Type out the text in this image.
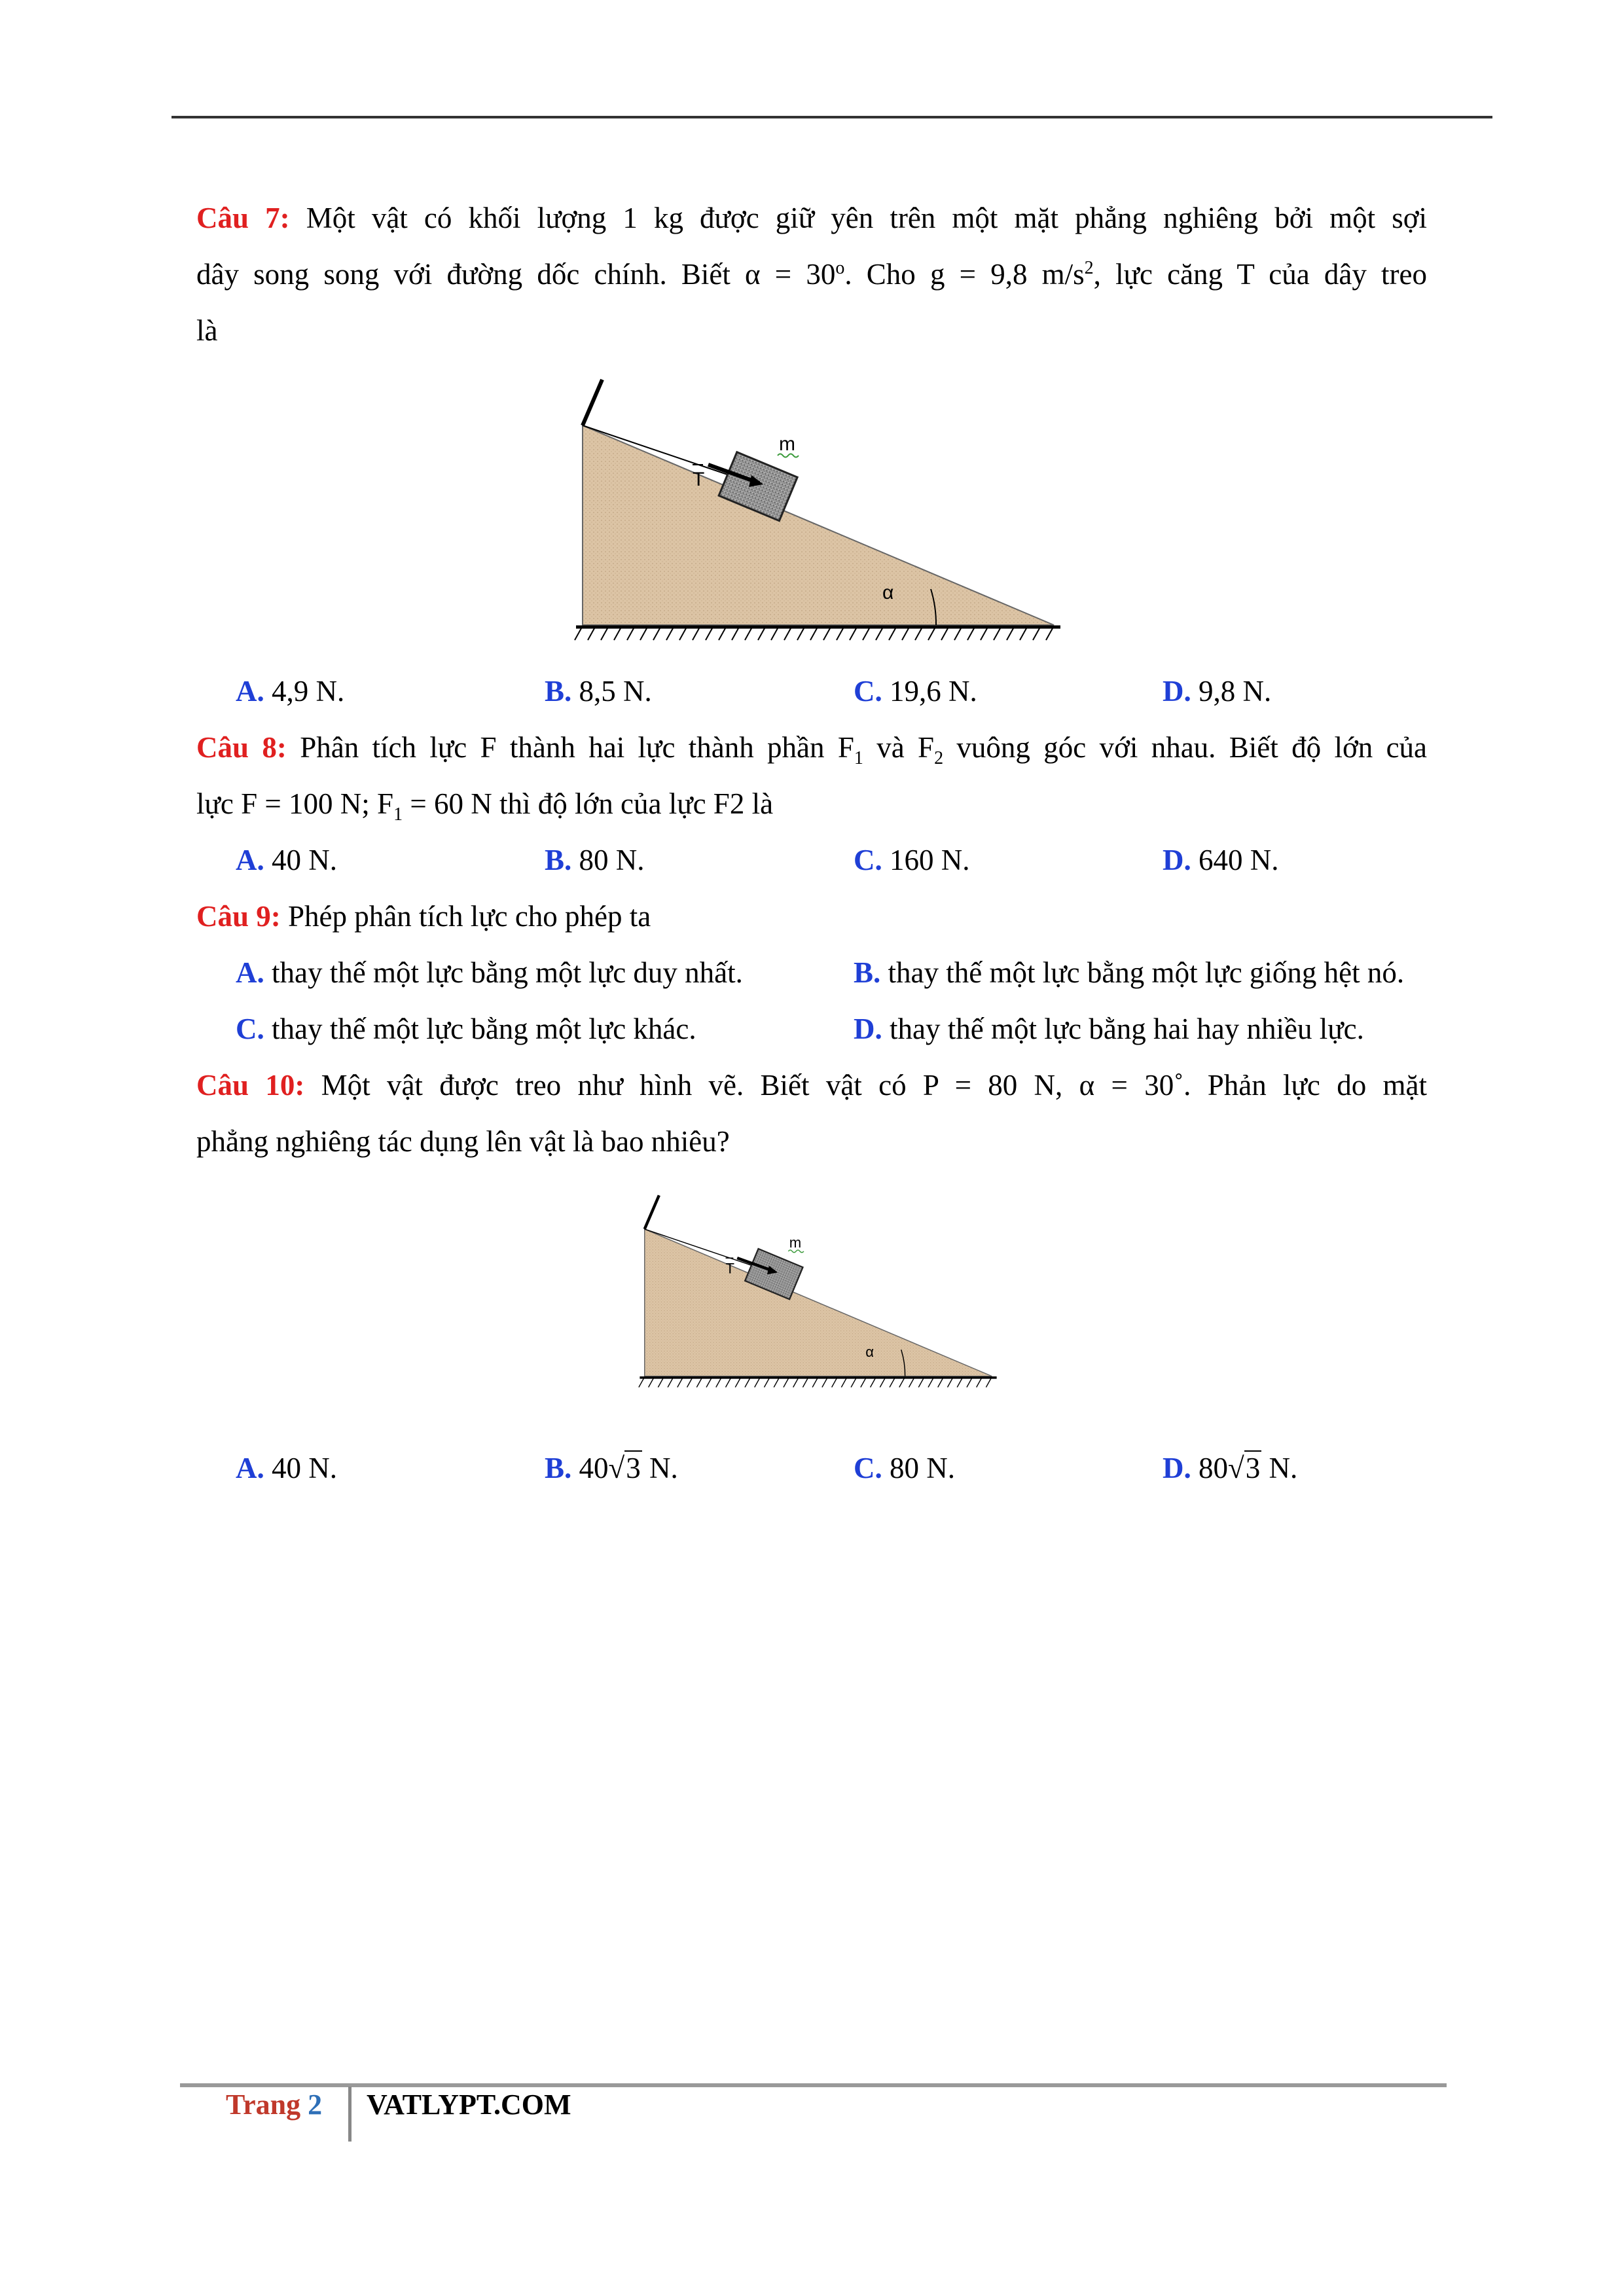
Câu 7: Một vật có khối lượng 1 kg được giữ yên trên một mặt phẳng nghiêng bởi một sợi
dây song song với đường dốc chính. Biết $\alpha = 30^o$. Cho g = 9,8 $m/s^2$, lực căng T của dây treo
là
m
T
α
A. 4,9 N.	B. 8,5 N.	C. 19,6 N.	D. 9,8 N.
Câu 8: Phân tích lực F thành hai lực thành phần $F_1$ và $F_2$ vuông góc với nhau. Biết độ lớn của
lực F = 100 N; $F_1 = 60$ N thì độ lớn của lực F2 là
A. 40 N.	B. 80 N.	C. 160 N.	D. 640 N.
Câu 9: Phép phân tích lực cho phép ta
A. thay thế một lực bằng một lực duy nhất.	B. thay thế một lực bằng một lực giống hệt nó.
C. thay thế một lực bằng một lực khác.	D. thay thế một lực bằng hai hay nhiều lực.
Câu 10: Một vật được treo như hình vẽ. Biết vật có P = 80 N, α = 30˚. Phản lực do mặt
phẳng nghiêng tác dụng lên vật là bao nhiêu?
m
T
α
A. 40 N.	B. 40√3 N.	C. 80 N.	D. 80√3 N.
Trang 2 VATLYPT.COM
